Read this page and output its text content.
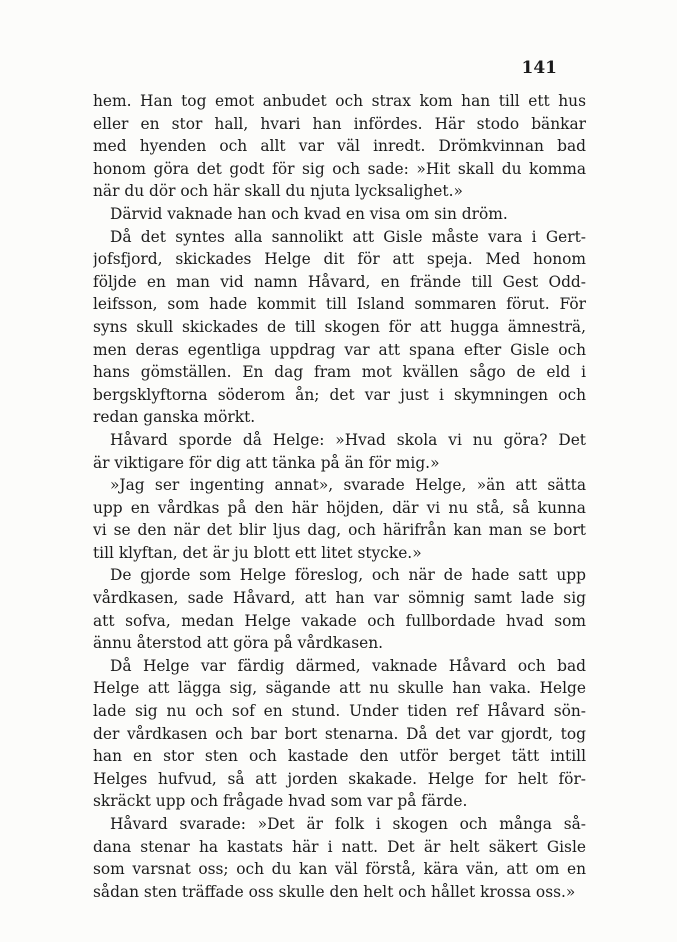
141
hem. Han tog emot anbudet och strax kom han till ett hus
eller en stor hall, hvari han infördes. Här stodo bänkar
med hyenden och allt var väl inredt. Drömkvinnan bad
honom göra det godt för sig och sade: »Hit skall du komma
när du dör och här skall du njuta lycksalighet.»
Därvid vaknade han och kvad en visa om sin dröm.
Då det syntes alla sannolikt att Gisle måste vara i Gert-
jofsfjord, skickades Helge dit för att speja. Med honom
följde en man vid namn Håvard, en frände till Gest Odd-
leifsson, som hade kommit till Island sommaren förut. För
syns skull skickades de till skogen för att hugga ämnesträ,
men deras egentliga uppdrag var att spana efter Gisle och
hans gömställen. En dag fram mot kvällen sågo de eld i
bergsklyftorna söderom ån; det var just i skymningen och
redan ganska mörkt.
Håvard sporde då Helge: »Hvad skola vi nu göra? Det
är viktigare för dig att tänka på än för mig.»
»Jag ser ingenting annat», svarade Helge, »än att sätta
upp en vårdkas på den här höjden, där vi nu stå, så kunna
vi se den när det blir ljus dag, och härifrån kan man se bort
till klyftan, det är ju blott ett litet stycke.»
De gjorde som Helge föreslog, och när de hade satt upp
vårdkasen, sade Håvard, att han var sömnig samt lade sig
att sofva, medan Helge vakade och fullbordade hvad som
ännu återstod att göra på vårdkasen.
Då Helge var färdig därmed, vaknade Håvard och bad
Helge att lägga sig, sägande att nu skulle han vaka. Helge
lade sig nu och sof en stund. Under tiden ref Håvard sön-
der vårdkasen och bar bort stenarna. Då det var gjordt, tog
han en stor sten och kastade den utför berget tätt intill
Helges hufvud, så att jorden skakade. Helge for helt för-
skräckt upp och frågade hvad som var på färde.
Håvard svarade: »Det är folk i skogen och många så-
dana stenar ha kastats här i natt. Det är helt säkert Gisle
som varsnat oss; och du kan väl förstå, kära vän, att om en
sådan sten träffade oss skulle den helt och hållet krossa oss.»
